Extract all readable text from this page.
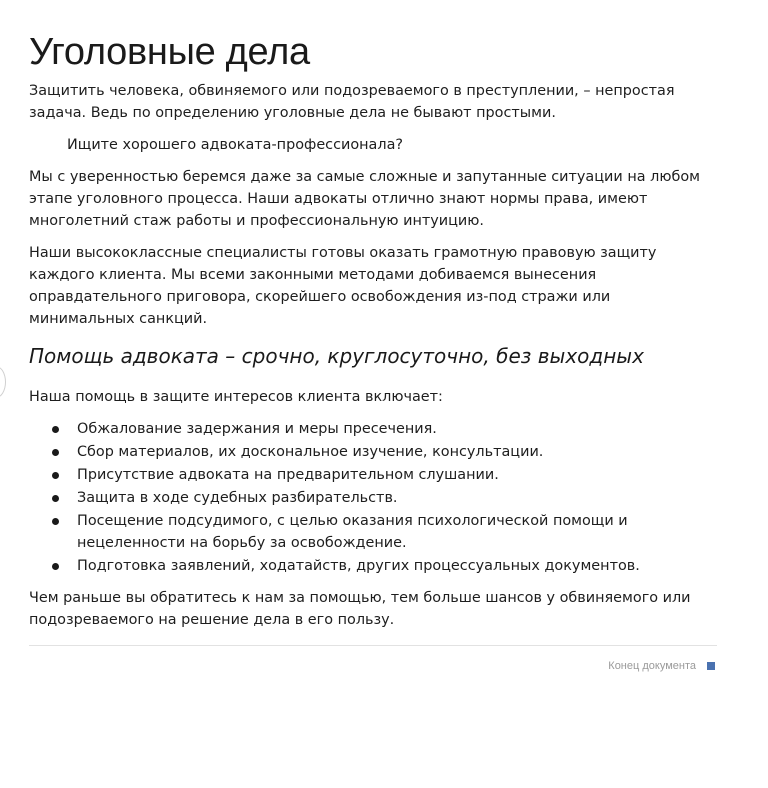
Уголовные дела

Защитить человека, обвиняемого или подозреваемого в преступлении, – непростая задача. Ведь по определению уголовные дела не бывают простыми.

Ищите хорошего адвоката-профессионала?

Мы с уверенностью беремся даже за самые сложные и запутанные ситуации на любом этапе уголовного процесса. Наши адвокаты отлично знают нормы права, имеют многолетний стаж работы и профессиональную интуицию.

Наши высококлассные специалисты готовы оказать грамотную правовую защиту каждого клиента. Мы всеми законными методами добиваемся вынесения оправдательного приговора, скорейшего освобождения из-под стражи или минимальных санкций.

Помощь адвоката – срочно, круглосуточно, без выходных

Наша помощь в защите интересов клиента включает:

Обжалование задержания и меры пресечения.
Сбор материалов, их доскональное изучение, консультации.
Присутствие адвоката на предварительном слушании.
Защита в ходе судебных разбирательств.
Посещение подсудимого, с целью оказания психологической помощи и нецеленности на борьбу за освобождение.
Подготовка заявлений, ходатайств, других процессуальных документов.

Чем раньше вы обратитесь к нам за помощью, тем больше шансов у обвиняемого или подозреваемого на решение дела в его пользу.

Конец документа
